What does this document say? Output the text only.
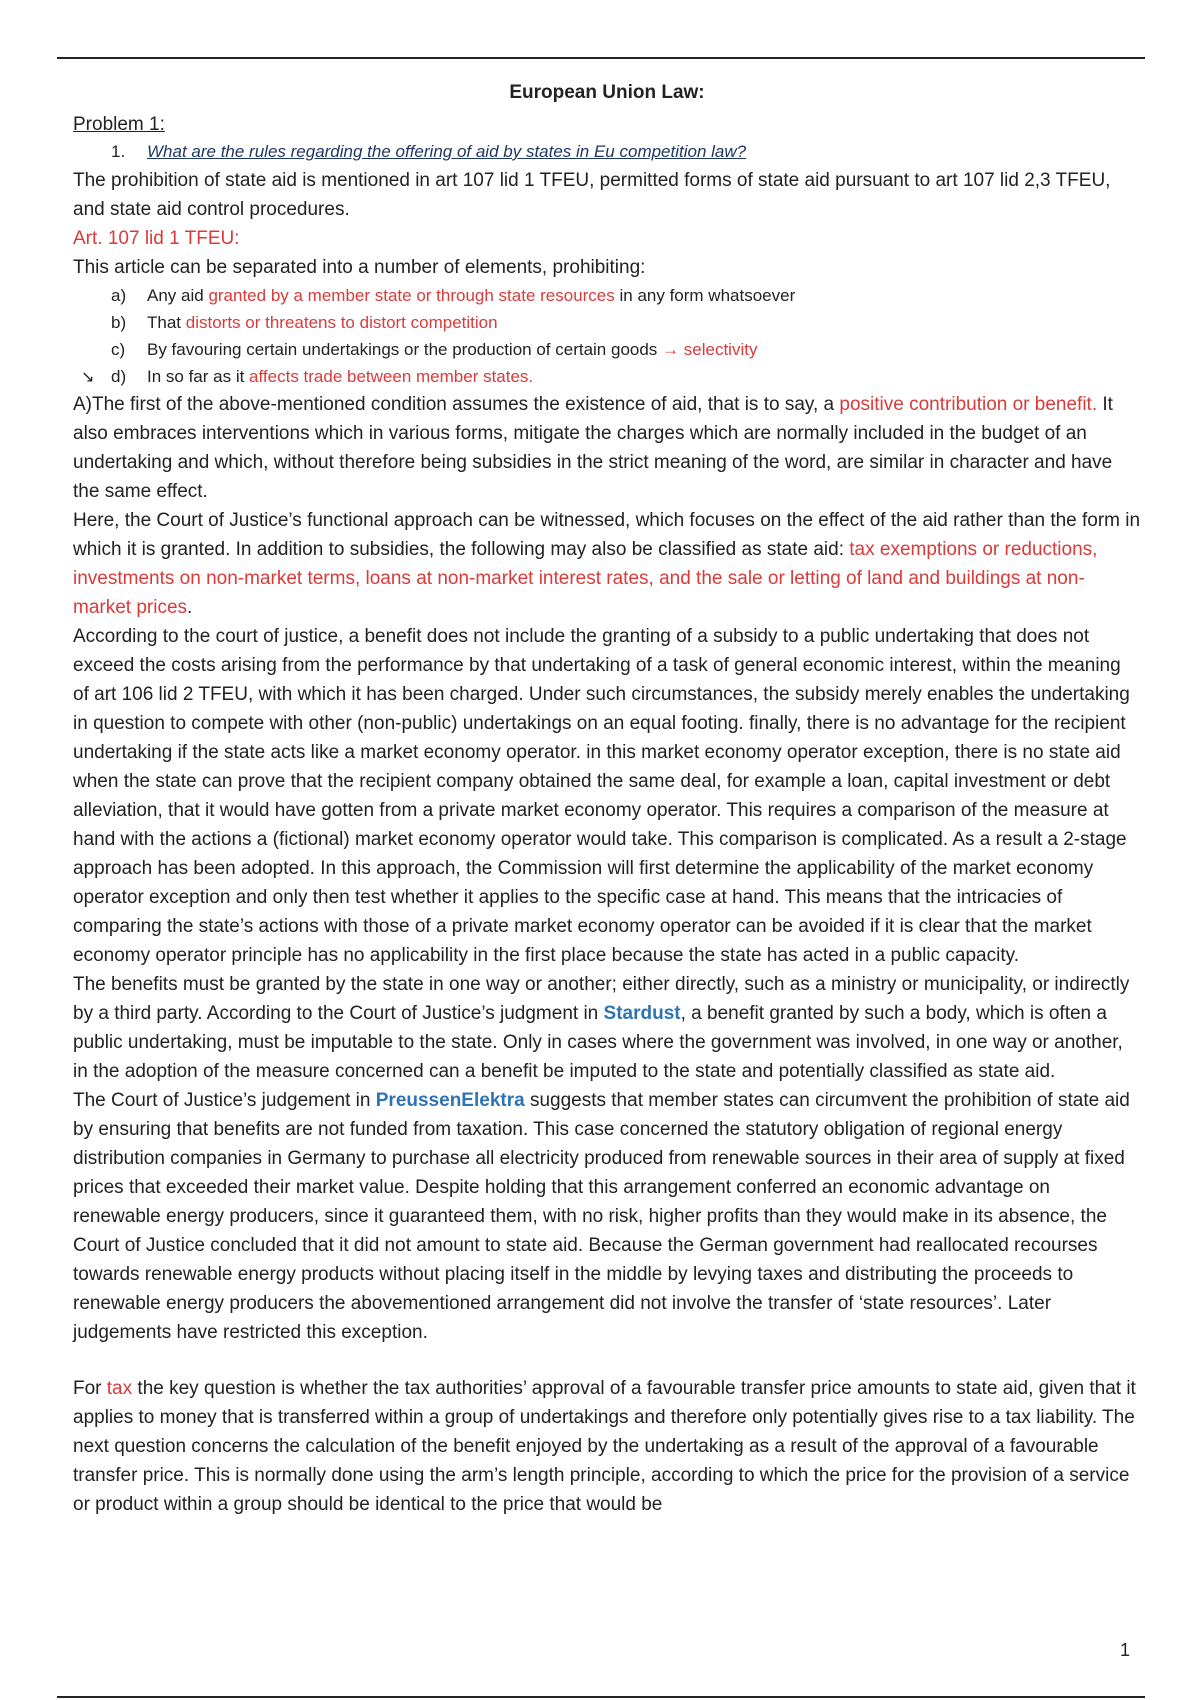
European Union Law:
Problem 1:
1. What are the rules regarding the offering of aid by states in Eu competition law?

The prohibition of state aid is mentioned in art 107 lid 1 TFEU, permitted forms of state aid pursuant to art 107 lid 2,3 TFEU, and state aid control procedures.

Art. 107 lid 1 TFEU:

This article can be separated into a number of elements, prohibiting:

a) Any aid granted by a member state or through state resources in any form whatsoever
b) That distorts or threatens to distort competition
c) By favouring certain undertakings or the production of certain goods → selectivity
↘ d) In so far as it affects trade between member states.

A)The first of the above-mentioned condition assumes the existence of aid, that is to say, a positive contribution or benefit. It also embraces interventions which in various forms, mitigate the charges which are normally included in the budget of an undertaking and which, without therefore being subsidies in the strict meaning of the word, are similar in character and have the same effect.

Here, the Court of Justice’s functional approach can be witnessed, which focuses on the effect of the aid rather than the form in which it is granted. In addition to subsidies, the following may also be classified as state aid: tax exemptions or reductions, investments on non-market terms, loans at non-market interest rates, and the sale or letting of land and buildings at non-market prices.

According to the court of justice, a benefit does not include the granting of a subsidy to a public undertaking that does not exceed the costs arising from the performance by that undertaking of a task of general economic interest, within the meaning of art 106 lid 2 TFEU, with which it has been charged. Under such circumstances, the subsidy merely enables the undertaking in question to compete with other (non-public) undertakings on an equal footing. finally, there is no advantage for the recipient undertaking if the state acts like a market economy operator. in this market economy operator exception, there is no state aid when the state can prove that the recipient company obtained the same deal, for example a loan, capital investment or debt alleviation, that it would have gotten from a private market economy operator. This requires a comparison of the measure at hand with the actions a (fictional) market economy operator would take. This comparison is complicated. As a result a 2-stage approach has been adopted. In this approach, the Commission will first determine the applicability of the market economy operator exception and only then test whether it applies to the specific case at hand. This means that the intricacies of comparing the state’s actions with those of a private market economy operator can be avoided if it is clear that the market economy operator principle has no applicability in the first place because the state has acted in a public capacity.

The benefits must be granted by the state in one way or another; either directly, such as a ministry or municipality, or indirectly by a third party. According to the Court of Justice’s judgment in Stardust, a benefit granted by such a body, which is often a public undertaking, must be imputable to the state. Only in cases where the government was involved, in one way or another, in the adoption of the measure concerned can a benefit be imputed to the state and potentially classified as state aid.

The Court of Justice’s judgement in PreussenElektra suggests that member states can circumvent the prohibition of state aid by ensuring that benefits are not funded from taxation. This case concerned the statutory obligation of regional energy distribution companies in Germany to purchase all electricity produced from renewable sources in their area of supply at fixed prices that exceeded their market value. Despite holding that this arrangement conferred an economic advantage on renewable energy producers, since it guaranteed them, with no risk, higher profits than they would make in its absence, the Court of Justice concluded that it did not amount to state aid. Because the German government had reallocated recourses towards renewable energy products without placing itself in the middle by levying taxes and distributing the proceeds to renewable energy producers the abovementioned arrangement did not involve the transfer of ‘state resources’. Later judgements have restricted this exception.

For tax the key question is whether the tax authorities’ approval of a favourable transfer price amounts to state aid, given that it applies to money that is transferred within a group of undertakings and therefore only potentially gives rise to a tax liability. The next question concerns the calculation of the benefit enjoyed by the undertaking as a result of the approval of a favourable transfer price. This is normally done using the arm’s length principle, according to which the price for the provision of a service or product within a group should be identical to the price that would be

1
